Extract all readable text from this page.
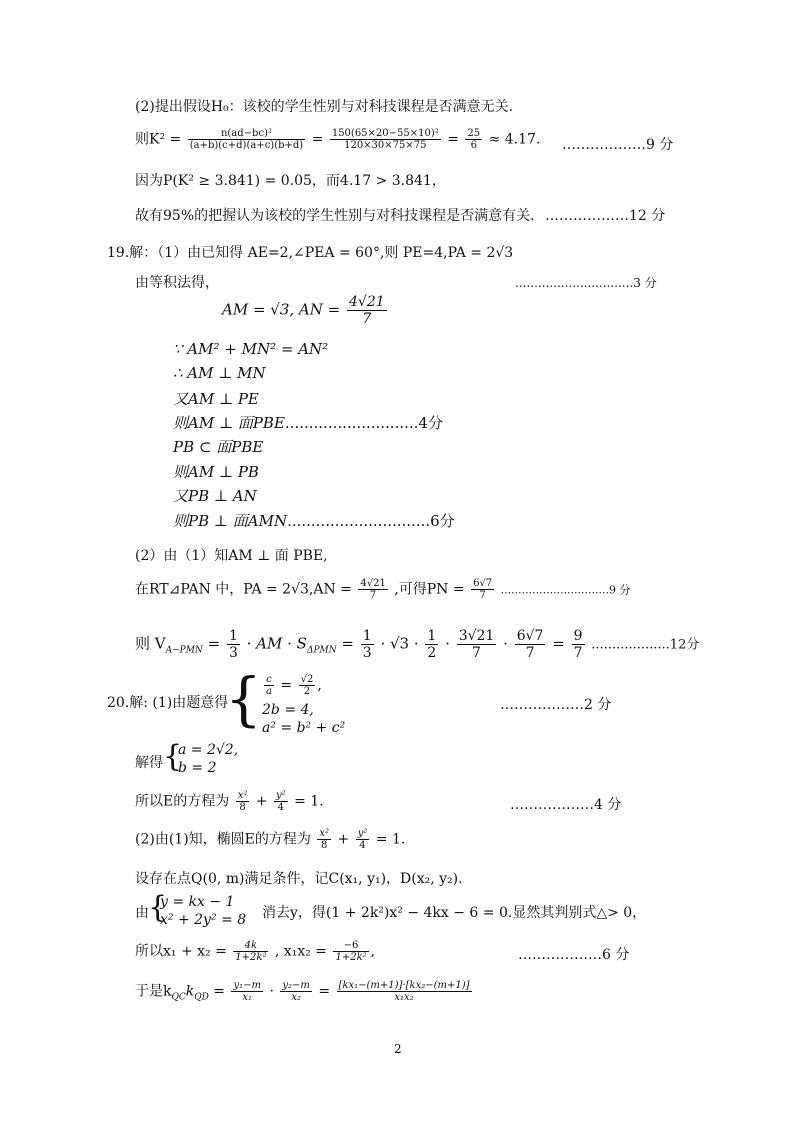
(2)提出假设H₀：该校的学生性别与对科技课程是否满意无关.
则$K^2 = \frac{\text{n(ad−bc)²}}{(a+b)(c+d)(a+c)(b+d)} = \frac{\text{150(65×20−55×10)²}}{120\times 30\times 75\times 75} = \frac{25}{6} \approx 4.17$. ………………9 分
因为P(K² ≥ 3.841) = 0.05，而4.17 > 3.841，
故有95%的把握认为该校的学生性别与对科技课程是否满意有关. ………………12 分
19.解：（1）由已知得 AE=2,∠PEA = 60°,则 PE=4,PA = 2√3
由等积法得，
AM = √3, AN = $\frac{4√21}{7}$
...............................3 分
∵ AM² + MN² = AN²
∴ AM ⊥ MN
又AM ⊥ PE
则AM ⊥ 面PBE............................4分
PB ⊂ 面PBE
则AM ⊥ PB
又PB ⊥ AN
则PB ⊥ 面AMN..............................6分
(2）由（1）知AM ⊥ 面 PBE,
在RT⊿PAN 中，PA = $2√3,AN = \frac{4√21}{7}$ ,可得PN = $\frac{6√7}{7} ...............................9$ 分
则 $V_{A-PMN} = \frac{1}{3}$ · AM · $S_{\Delta PMN} = \frac{1}{3} \cdot √3 \cdot \frac{1}{2} \cdot \frac{3√21}{7} \cdot \frac{6√7}{7} = \frac{9}{7} ...................12$分
20.解: (1)由题意得
{ $\frac{c}{a} = \frac{√2}{2}$ ,
2b = 4,
a² = b² + c²
………………2 分
解得 {
a = 2√2,
b = 2
所以E的方程为 $\frac{\text{x²}}{8} + \frac{\text{y²}}{4} = 1$.	………………4 分
(2)由(1)知，椭圆E的方程为 $\frac{\text{x²}}{8} + \frac{\text{y²}}{4} = 1$.
设存在点Q(0, m)满足条件，记C(x₁, y₁)，D(x₂, y₂).
由 {
y = kx − 1
x² + 2y² = 8 消去y，得(1 + 2k²)x² − 4kx − 6 = 0.显然其判别式△> 0，
所以$x_1 + x_2 = \frac{4k}{\text{1+2k²}}$ , $x_1x_2 = \frac{-6}{\text{1+2k²}}$ ,	………………6 分
于是$k_{QC}k_{QD} = \frac{\text{y₁−m}}{\text{x₁}} \cdot \frac{\text{y₂−m}}{\text{x₂}} = \frac{\text{[kx₁−(m+1)]·[kx₂−(m+1)]}}{\text{x₁x₂}}$
2
